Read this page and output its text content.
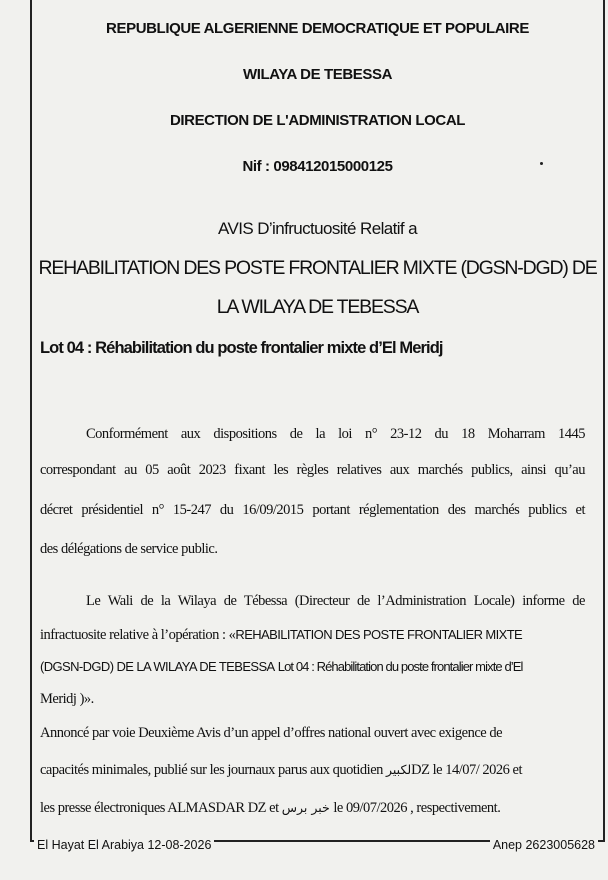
REPUBLIQUE ALGERIENNE DEMOCRATIQUE ET POPULAIRE
WILAYA DE TEBESSA
DIRECTION DE L'ADMINISTRATION LOCAL
Nif : 098412015000125
AVIS D’infructuosité Relatif a
REHABILITATION DES POSTE FRONTALIER MIXTE (DGSN-DGD) DE
LA WILAYA DE TEBESSA
Lot 04 : Réhabilitation du poste frontalier mixte d’El Meridj
Conformément aux dispositions de la loi n° 23-12 du 18 Moharram 1445
correspondant au 05 août 2023 fixant les règles relatives aux marchés publics, ainsi qu’au
décret présidentiel n° 15-247 du 16/09/2015 portant réglementation des marchés publics et
des délégations de service public.
Le Wali de la Wilaya de Tébessa (Directeur de l’Administration Locale) informe de
infractuosite relative à l’opération : «REHABILITATION DES POSTE FRONTALIER MIXTE
(DGSN-DGD) DE LA WILAYA DE TEBESSA Lot 04 : Réhabilitation du poste frontalier mixte d’El
Meridj )».
Annoncé par voie Deuxième Avis d’un appel d’offres national ouvert avec exigence de
capacités minimales, publié sur les journaux parus aux quotidien لكبيرDZ le 14/07/ 2026 et
les presse électroniques ALMASDAR DZ et خبر برس le 09/07/2026 , respectivement.
El Hayat El Arabiya 12-08-2026	Anep 2623005628
